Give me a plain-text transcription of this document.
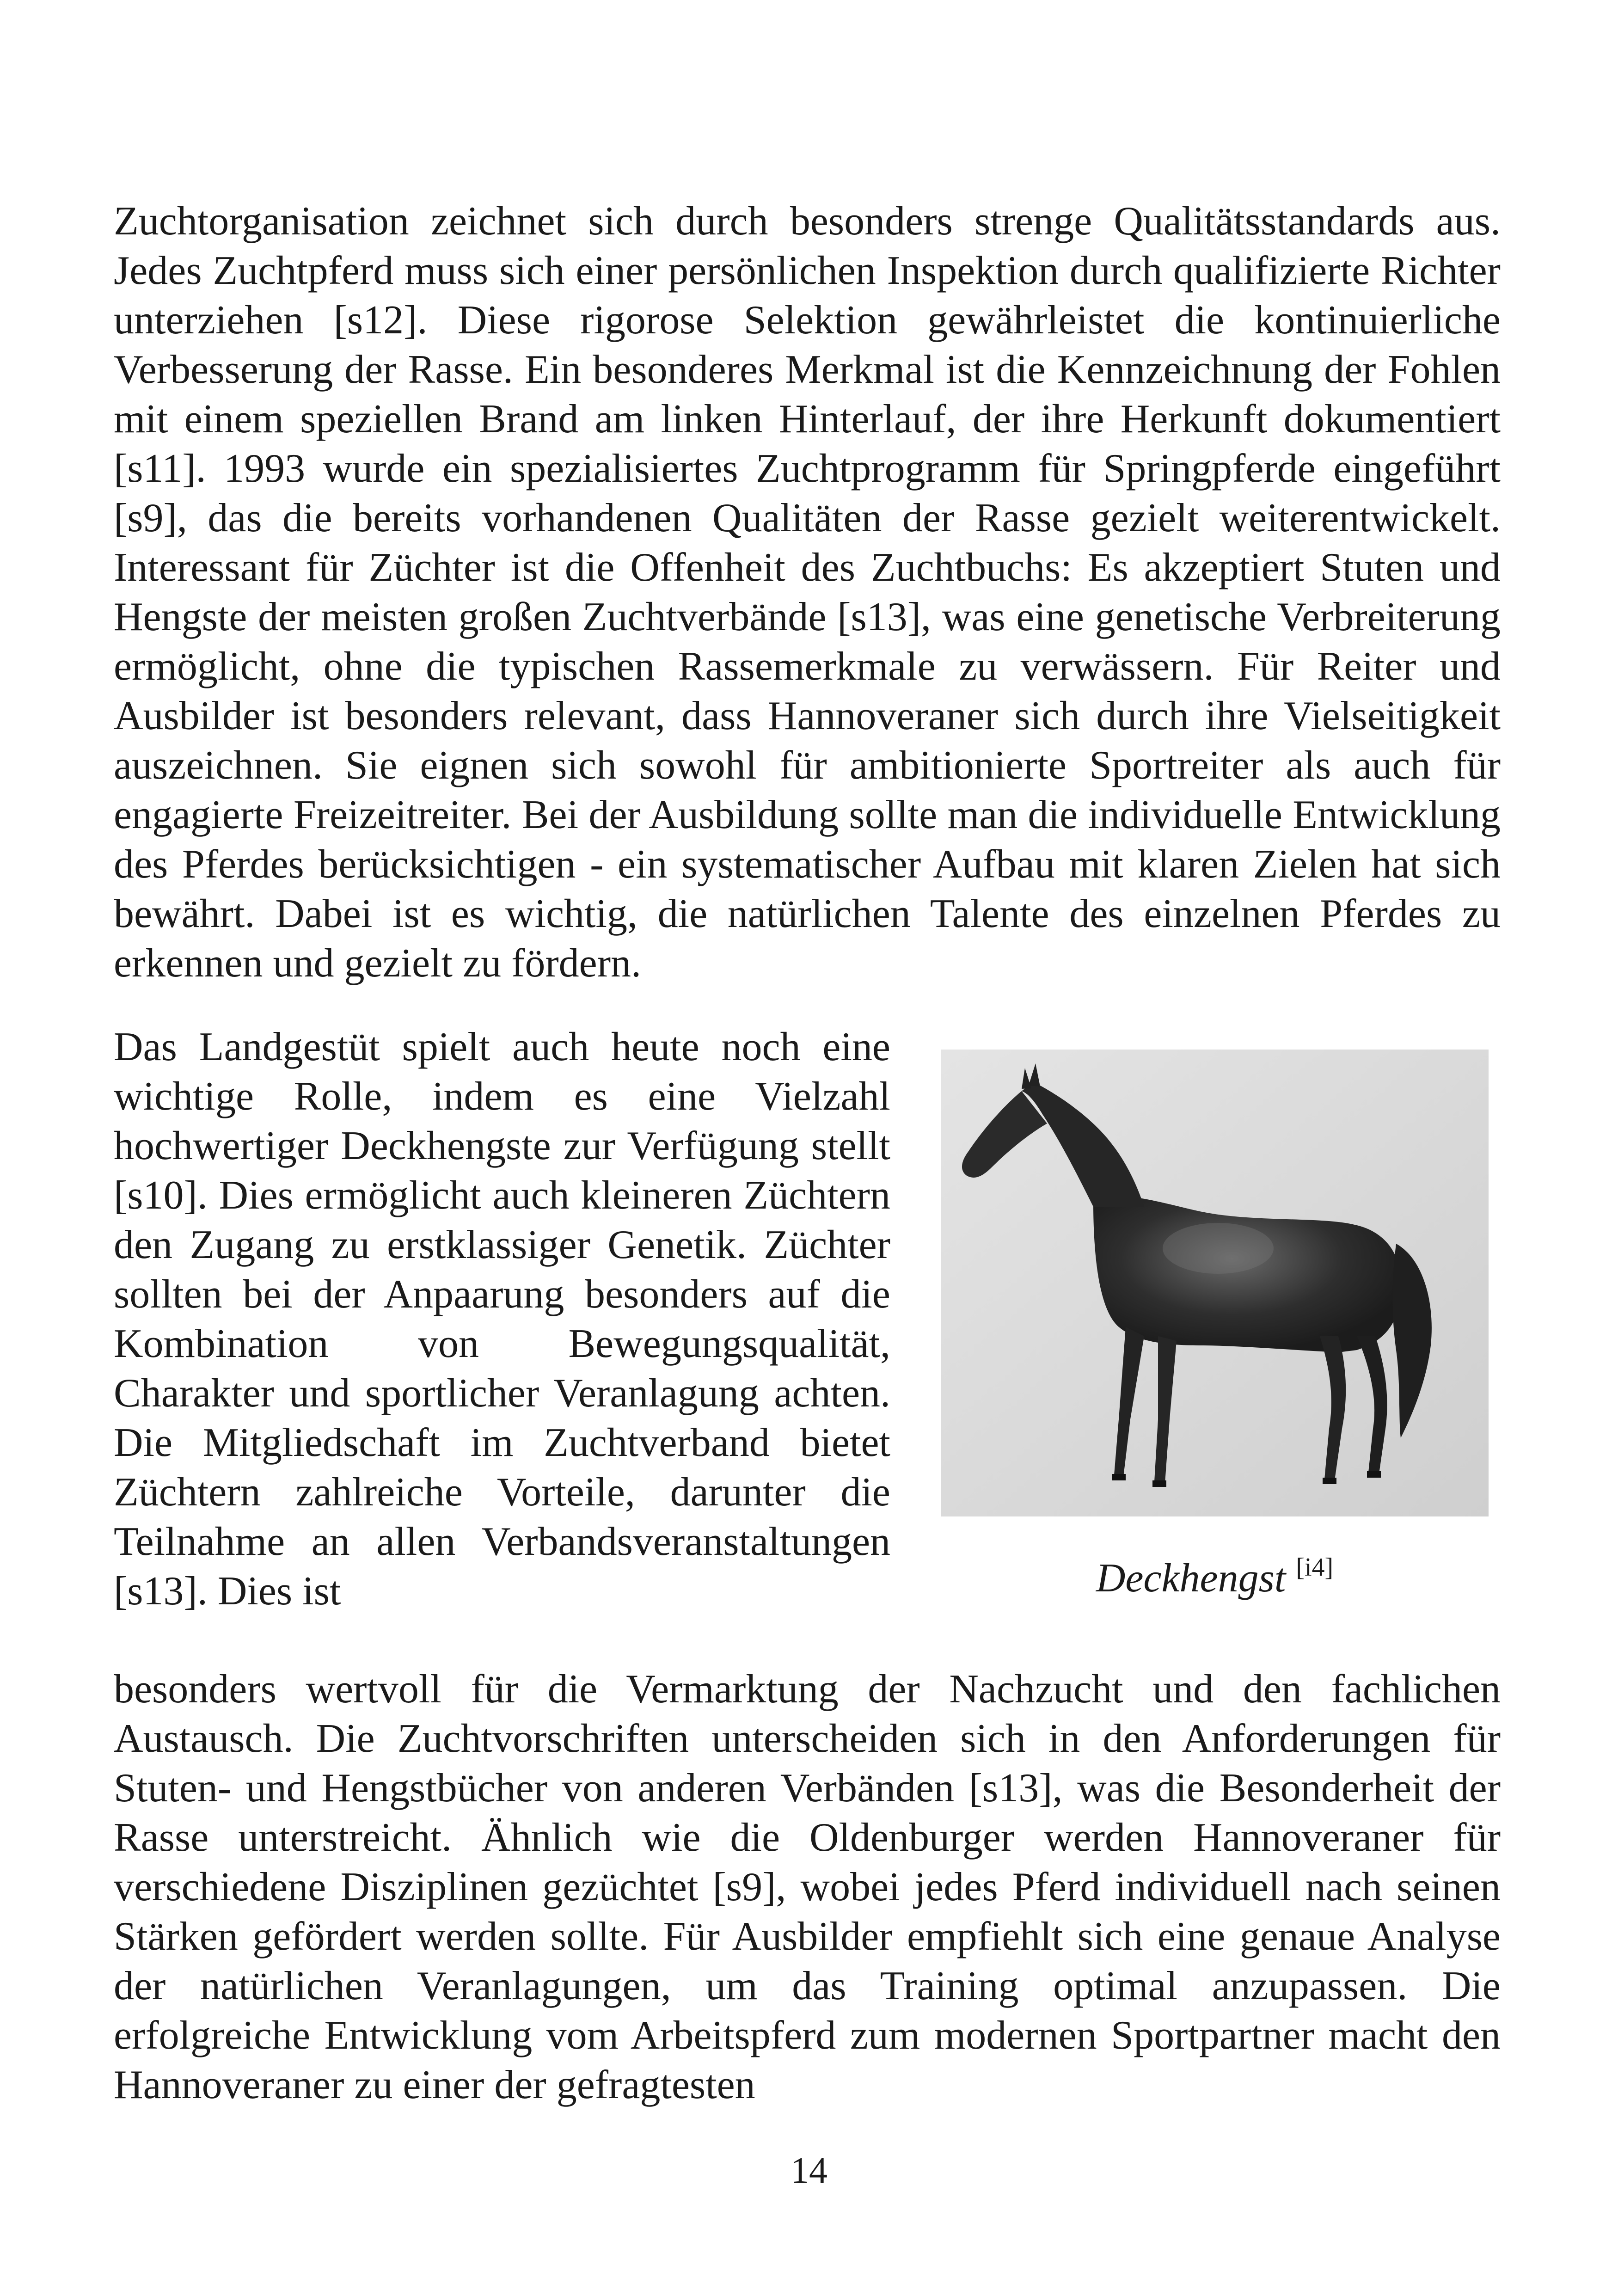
Zuchtorganisation zeichnet sich durch besonders strenge Qualitätsstandards aus. Jedes Zuchtpferd muss sich einer persönlichen Inspektion durch qualifizierte Richter unterziehen [s12]. Diese rigorose Selektion gewährleistet die kontinuierliche Verbesserung der Rasse. Ein besonderes Merkmal ist die Kennzeichnung der Fohlen mit einem speziellen Brand am linken Hinterlauf, der ihre Herkunft dokumentiert [s11]. 1993 wurde ein spezialisiertes Zuchtprogramm für Springpferde eingeführt [s9], das die bereits vorhandenen Qualitäten der Rasse gezielt weiterentwickelt. Interessant für Züchter ist die Offenheit des Zuchtbuchs: Es akzeptiert Stuten und Hengste der meisten großen Zuchtverbände [s13], was eine genetische Verbreiterung ermöglicht, ohne die typischen Rassemerkmale zu verwässern. Für Reiter und Ausbilder ist besonders relevant, dass Hannoveraner sich durch ihre Vielseitigkeit auszeichnen. Sie eignen sich sowohl für ambitionierte Sportreiter als auch für engagierte Freizeitreiter. Bei der Ausbildung sollte man die individuelle Entwicklung des Pferdes berücksichtigen - ein systematischer Aufbau mit klaren Zielen hat sich bewährt. Dabei ist es wichtig, die natürlichen Talente des einzelnen Pferdes zu erkennen und gezielt zu fördern.

Das Landgestüt spielt auch heute noch eine wichtige Rolle, indem es eine Vielzahl hochwertiger Deckhengste zur Verfügung stellt [s10]. Dies ermöglicht auch kleineren Züchtern den Zugang zu erstklassiger Genetik. Züchter sollten bei der Anpaarung besonders auf die Kombination von Bewegungsqualität, Charakter und sportlicher Veranlagung achten. Die Mitgliedschaft im Zuchtverband bietet Züchtern zahlreiche Vorteile, darunter die Teilnahme an allen Verbandsveranstaltungen [s13]. Dies ist	Deckhengst [i4]

besonders wertvoll für die Vermarktung der Nachzucht und den fachlichen Austausch. Die Zuchtvorschriften unterscheiden sich in den Anforderungen für Stuten- und Hengstbücher von anderen Verbänden [s13], was die Besonderheit der Rasse unterstreicht. Ähnlich wie die Oldenburger werden Hannoveraner für verschiedene Disziplinen gezüchtet [s9], wobei jedes Pferd individuell nach seinen Stärken gefördert werden sollte. Für Ausbilder empfiehlt sich eine genaue Analyse der natürlichen Veranlagungen, um das Training optimal anzupassen. Die erfolgreiche Entwicklung vom Arbeitspferd zum modernen Sportpartner macht den Hannoveraner zu einer der gefragtesten

14
